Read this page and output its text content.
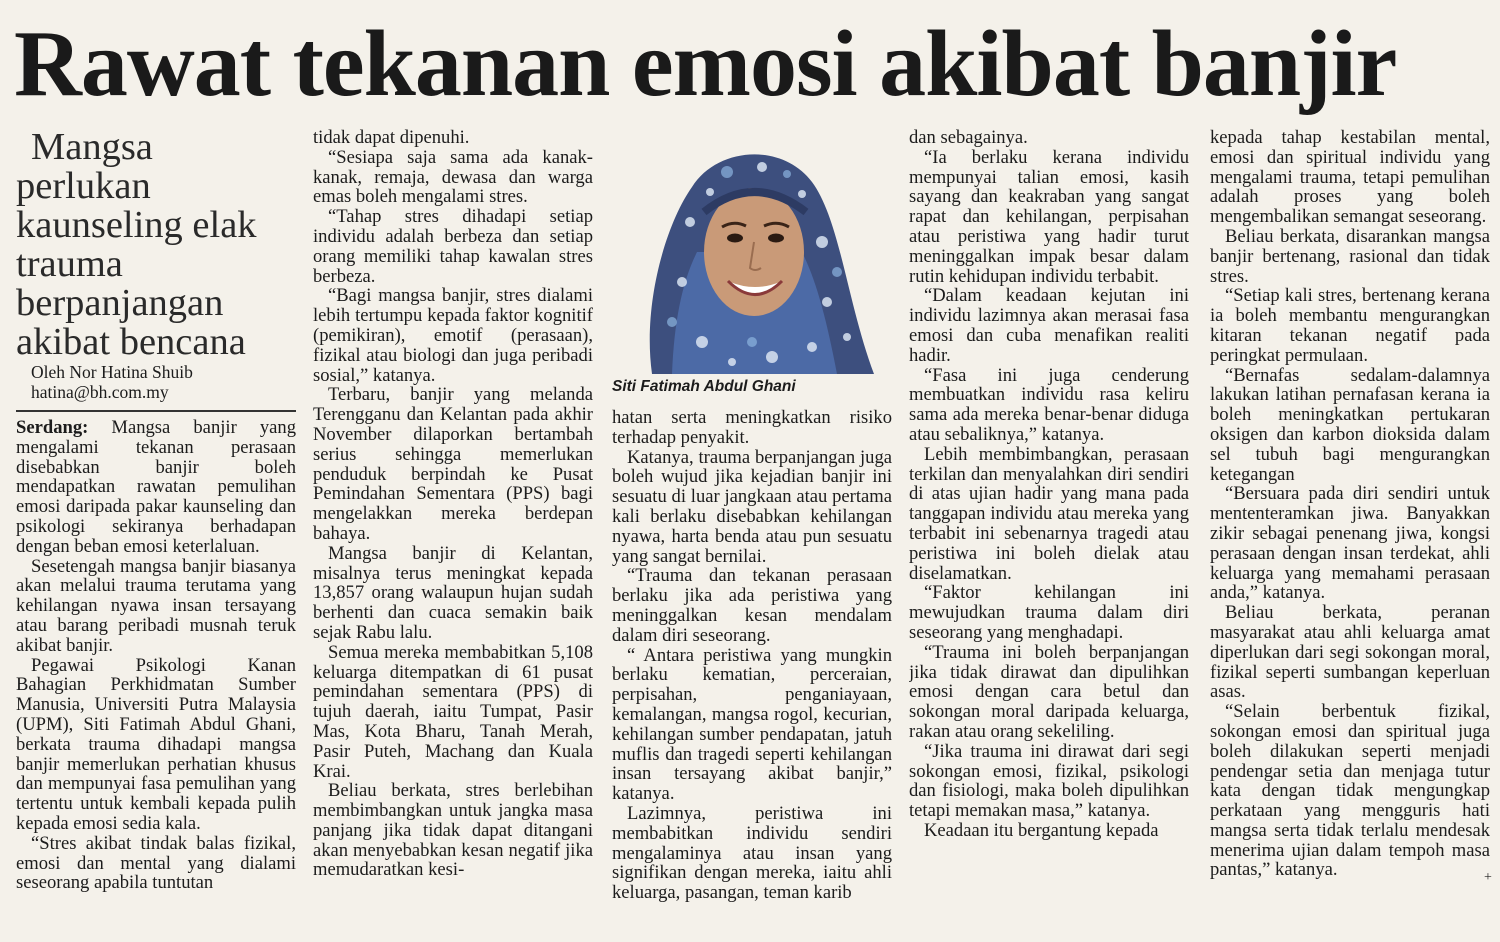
Rawat tekanan emosi akibat banjir

Mangsa perlukan kaunseling elak trauma berpanjangan akibat bencana

Oleh Nor Hatina Shuib

hatina@bh.com.my

Serdang: Mangsa banjir yang mengalami tekanan perasaan disebabkan banjir boleh mendapatkan rawatan pemulihan emosi daripada pakar kaunseling dan psikologi sekiranya berhadapan dengan beban emosi keterlaluan.

Sesetengah mangsa banjir biasanya akan melalui trauma terutama yang kehilangan nyawa insan tersayang atau barang peribadi musnah teruk akibat banjir.

Pegawai Psikologi Kanan Bahagian Perkhidmatan Sumber Manusia, Universiti Putra Malaysia (UPM), Siti Fatimah Abdul Ghani, berkata trauma dihadapi mangsa banjir memerlukan perhatian khusus dan mempunyai fasa pemulihan yang tertentu untuk kembali kepada pulih kepada emosi sedia kala.

“Stres akibat tindak balas fizikal, emosi dan mental yang dialami seseorang apabila tuntutan

tidak dapat dipenuhi.

“Sesiapa saja sama ada kanak-kanak, remaja, dewasa dan warga emas boleh mengalami stres.

“Tahap stres dihadapi setiap individu adalah berbeza dan setiap orang memiliki tahap kawalan stres berbeza.

“Bagi mangsa banjir, stres dialami lebih tertumpu kepada faktor kognitif (pemikiran), emotif (perasaan), fizikal atau biologi dan juga peribadi sosial,” katanya.

Terbaru, banjir yang melanda Terengganu dan Kelantan pada akhir November dilaporkan bertambah serius sehingga memerlukan penduduk berpindah ke Pusat Pemindahan Sementara (PPS) bagi mengelakkan mereka berdepan bahaya.

Mangsa banjir di Kelantan, misalnya terus meningkat kepada 13,857 orang walaupun hujan sudah berhenti dan cuaca semakin baik sejak Rabu lalu.

Semua mereka membabitkan 5,108 keluarga ditempatkan di 61 pusat pemindahan sementara (PPS) di tujuh daerah, iaitu Tumpat, Pasir Mas, Kota Bharu, Tanah Merah, Pasir Puteh, Machang dan Kuala Krai.

Beliau berkata, stres berlebihan membimbangkan untuk jangka masa panjang jika tidak dapat ditangani akan menyebabkan kesan negatif jika memudaratkan kesi-

Siti Fatimah Abdul Ghani

hatan serta meningkatkan risiko terhadap penyakit.

Katanya, trauma berpanjangan juga boleh wujud jika kejadian banjir ini sesuatu di luar jangkaan atau pertama kali berlaku disebabkan kehilangan nyawa, harta benda atau pun sesuatu yang sangat bernilai.

“Trauma dan tekanan perasaan berlaku jika ada peristiwa yang meninggalkan kesan mendalam dalam diri seseorang.

“ Antara peristiwa yang mungkin berlaku kematian, perceraian, perpisahan, penganiayaan, kemalangan, mangsa rogol, kecurian, kehilangan sumber pendapatan, jatuh muflis dan tragedi seperti kehilangan insan tersayang akibat banjir,” katanya.

Lazimnya, peristiwa ini membabitkan individu sendiri mengalaminya atau insan yang signifikan dengan mereka, iaitu ahli keluarga, pasangan, teman karib

dan sebagainya.

“Ia berlaku kerana individu mempunyai talian emosi, kasih sayang dan keakraban yang sangat rapat dan kehilangan, perpisahan atau peristiwa yang hadir turut meninggalkan impak besar dalam rutin kehidupan individu terbabit.

“Dalam keadaan kejutan ini individu lazimnya akan merasai fasa emosi dan cuba menafikan realiti hadir.

“Fasa ini juga cenderung membuatkan individu rasa keliru sama ada mereka benar-benar diduga atau sebaliknya,” katanya.

Lebih membimbangkan, perasaan terkilan dan menyalahkan diri sendiri di atas ujian hadir yang mana pada tanggapan individu atau mereka yang terbabit ini sebenarnya tragedi atau peristiwa ini boleh dielak atau diselamatkan.

“Faktor kehilangan ini mewujudkan trauma dalam diri seseorang yang menghadapi.

“Trauma ini boleh berpanjangan jika tidak dirawat dan dipulihkan emosi dengan cara betul dan sokongan moral daripada keluarga, rakan atau orang sekeliling.

“Jika trauma ini dirawat dari segi sokongan emosi, fizikal, psikologi dan fisiologi, maka boleh dipulihkan tetapi memakan masa,” katanya.

Keadaan itu bergantung kepada

kepada tahap kestabilan mental, emosi dan spiritual individu yang mengalami trauma, tetapi pemulihan adalah proses yang boleh mengembalikan semangat seseorang.

Beliau berkata, disarankan mangsa banjir bertenang, rasional dan tidak stres.

“Setiap kali stres, bertenang kerana ia boleh membantu mengurangkan kitaran tekanan negatif pada peringkat permulaan.

“Bernafas sedalam-dalamnya lakukan latihan pernafasan kerana ia boleh meningkatkan pertukaran oksigen dan karbon dioksida dalam sel tubuh bagi mengurangkan ketegangan

“Bersuara pada diri sendiri untuk mententeramkan jiwa. Banyakkan zikir sebagai penenang jiwa, kongsi perasaan dengan insan terdekat, ahli keluarga yang memahami perasaan anda,” katanya.

Beliau berkata, peranan masyarakat atau ahli keluarga amat diperlukan dari segi sokongan moral, fizikal seperti sumbangan keperluan asas.

“Selain berbentuk fizikal, sokongan emosi dan spiritual juga boleh dilakukan seperti menjadi pendengar setia dan menjaga tutur kata dengan tidak mengungkap perkataan yang mengguris hati mangsa serta tidak terlalu mendesak menerima ujian dalam tempoh masa pantas,” katanya.	+
